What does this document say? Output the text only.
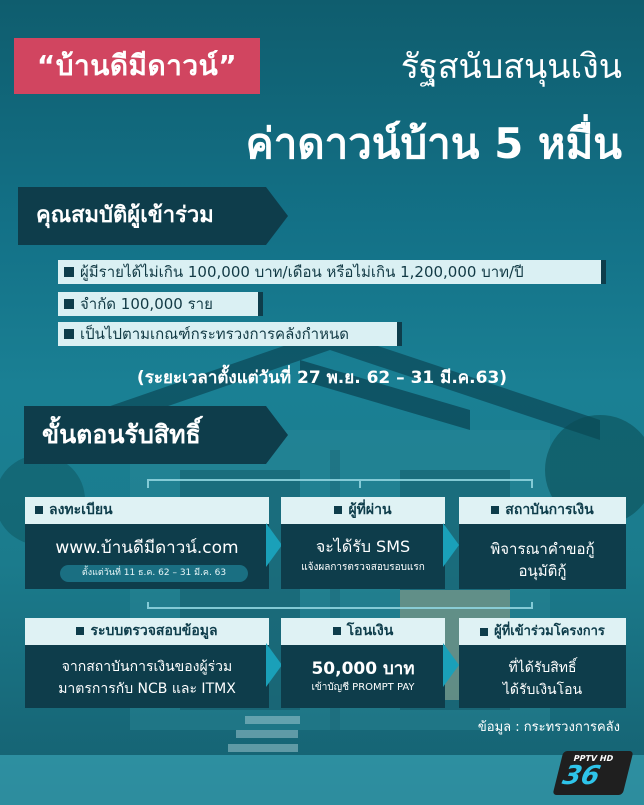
“บ้านดีมีดาวน์”	รัฐสนับสนุนเงิน
ค่าดาวน์บ้าน 5 หมื่น
คุณสมบัติผู้เข้าร่วม
ผู้มีรายได้ไม่เกิน 100,000 บาท/เดือน หรือไม่เกิน 1,200,000 บาท/ปี
จำกัด 100,000 ราย
เป็นไปตามเกณฑ์กระทรวงการคลังกำหนด
(ระยะเวลาตั้งแต่วันที่ 27 พ.ย. 62 – 31 มี.ค.63)
ขั้นตอนรับสิทธิ์
ลงทะเบียน
www.บ้านดีมีดาวน์.com
ตั้งแต่วันที่ 11 ธ.ค. 62 – 31 มี.ค. 63
ผู้ที่ผ่าน
จะได้รับ SMS
แจ้งผลการตรวจสอบรอบแรก
สถาบันการเงิน
พิจารณาคำขอกู้
อนุมัติกู้
ระบบตรวจสอบข้อมูล
จากสถาบันการเงินของผู้ร่วม
มาตรการกับ NCB และ ITMX
โอนเงิน
50,000 บาท
เข้าบัญชี PROMPT PAY
ผู้ที่เข้าร่วมโครงการ
ที่ได้รับสิทธิ์
ได้รับเงินโอน
ข้อมูล : กระทรวงการคลัง
PPTV HD
36
